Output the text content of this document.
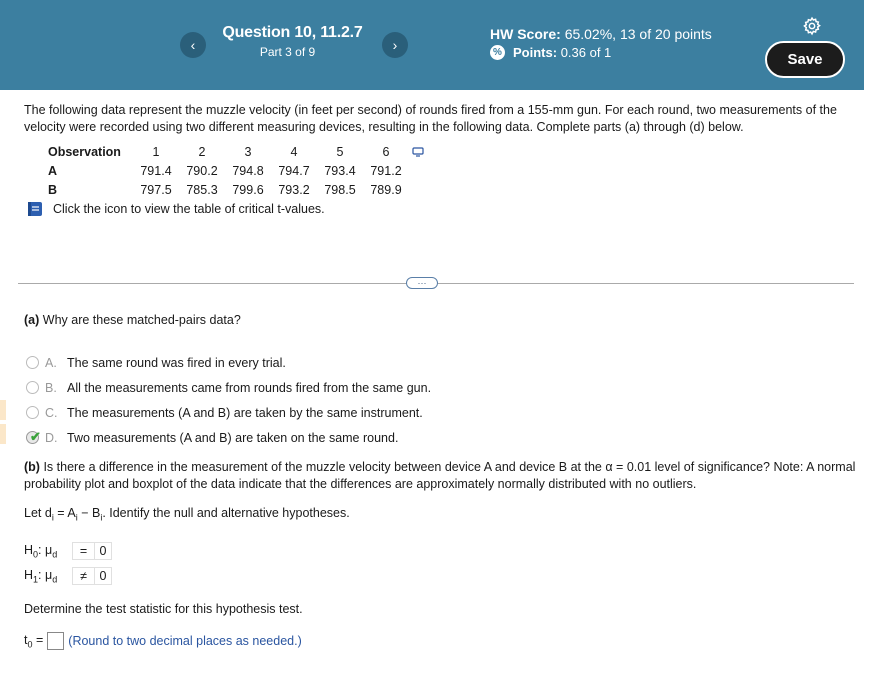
‹
Question 10, 11.2.7
Part 3 of 9	›
HW Score: 65.02%, 13 of 20 points
% Points:
0.36 of 1	Save
The following data represent the muzzle velocity (in feet per second) of rounds fired from a 155-mm gun. For each round, two measurements of the velocity were recorded using two different measuring devices, resulting in the following data. Complete parts (a) through (d) below.
Observation	1	2	3	4	5	6
A	791.4	790.2	794.8	794.7	793.4	791.2
B	797.5	785.3	799.6	793.2	798.5	789.9
Click the icon to view the table of critical t-values.
···
(a) Why are these matched-pairs data?
A. The same round was fired in every trial.
B. All the measurements came from rounds fired from the same gun.
C. The measurements (A and B) are taken by the same instrument.
✔ D. Two measurements (A and B) are taken on the same round.
(b) Is there a difference in the measurement of the muzzle velocity between device A and device B at the α = 0.01 level of significance? Note: A normal probability plot and boxplot of the data indicate that the differences are approximately normally distributed with no outliers.
Let $d_i = A_i - B_i$. Identify the null and alternative hypotheses.
$H_0$: $\mu_d$	= 0
$H_1$: $\mu_d$	≠	0
Determine the test statistic for this hypothesis test.
$t_0$ = (Round to two decimal places as needed.)
